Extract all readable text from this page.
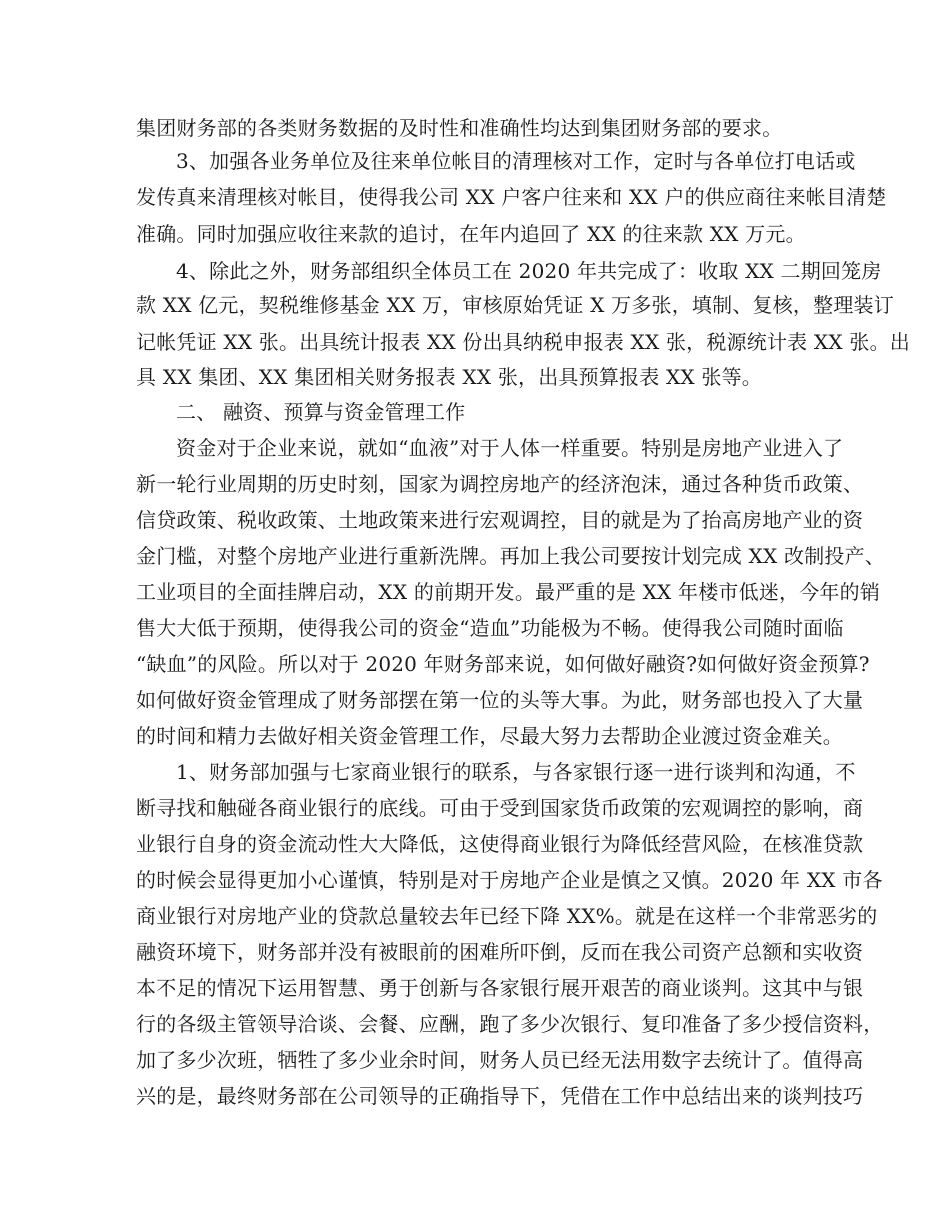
集团财务部的各类财务数据的及时性和准确性均达到集团财务部的要求。
3、加强各业务单位及往来单位帐目的清理核对工作，定时与各单位打电话或
发传真来清理核对帐目，使得我公司 XX 户客户往来和 XX 户的供应商往来帐目清楚
准确。同时加强应收往来款的追讨，在年内追回了 XX 的往来款 XX 万元。
4、除此之外，财务部组织全体员工在 2020 年共完成了：收取 XX 二期回笼房
款 XX 亿元，契税维修基金 XX 万，审核原始凭证 X 万多张，填制、复核，整理装订
记帐凭证 XX 张。出具统计报表 XX 份出具纳税申报表 XX 张，税源统计表 XX 张。出
具 XX 集团、XX 集团相关财务报表 XX 张，出具预算报表 XX 张等。
二、 融资、预算与资金管理工作
资金对于企业来说，就如“血液”对于人体一样重要。特别是房地产业进入了
新一轮行业周期的历史时刻，国家为调控房地产的经济泡沫，通过各种货币政策、
信贷政策、税收政策、土地政策来进行宏观调控，目的就是为了抬高房地产业的资
金门槛，对整个房地产业进行重新洗牌。再加上我公司要按计划完成 XX 改制投产、
工业项目的全面挂牌启动，XX 的前期开发。最严重的是 XX 年楼市低迷，今年的销
售大大低于预期，使得我公司的资金“造血”功能极为不畅。使得我公司随时面临
“缺血”的风险。所以对于 2020 年财务部来说，如何做好融资?如何做好资金预算?
如何做好资金管理成了财务部摆在第一位的头等大事。为此，财务部也投入了大量
的时间和精力去做好相关资金管理工作，尽最大努力去帮助企业渡过资金难关。
1、财务部加强与七家商业银行的联系，与各家银行逐一进行谈判和沟通，不
断寻找和触碰各商业银行的底线。可由于受到国家货币政策的宏观调控的影响，商
业银行自身的资金流动性大大降低，这使得商业银行为降低经营风险，在核准贷款
的时候会显得更加小心谨慎，特别是对于房地产企业是慎之又慎。2020 年 XX 市各
商业银行对房地产业的贷款总量较去年已经下降 XX%。就是在这样一个非常恶劣的
融资环境下，财务部并没有被眼前的困难所吓倒，反而在我公司资产总额和实收资
本不足的情况下运用智慧、勇于创新与各家银行展开艰苦的商业谈判。这其中与银
行的各级主管领导洽谈、会餐、应酬，跑了多少次银行、复印准备了多少授信资料，
加了多少次班，牺牲了多少业余时间，财务人员已经无法用数字去统计了。值得高
兴的是，最终财务部在公司领导的正确指导下，凭借在工作中总结出来的谈判技巧
